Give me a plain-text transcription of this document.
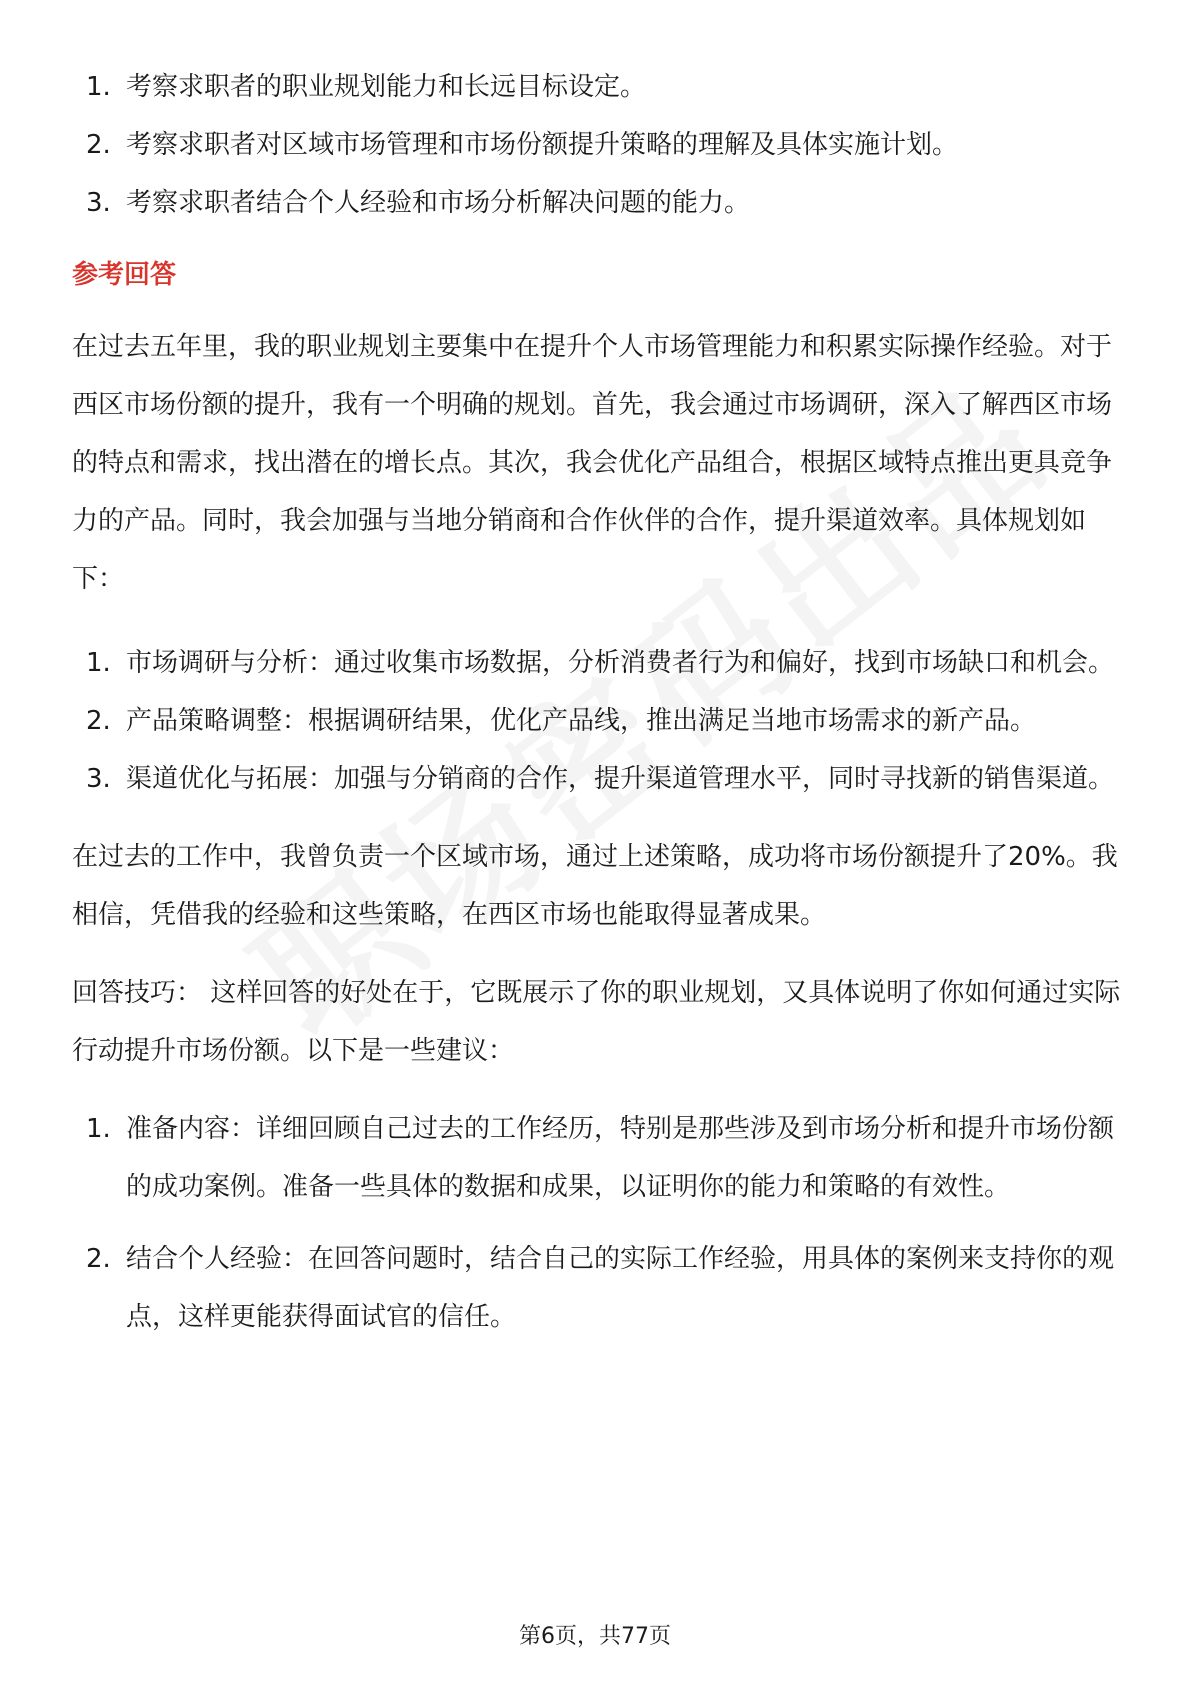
1. 考察求职者的职业规划能力和长远目标设定。
2. 考察求职者对区域市场管理和市场份额提升策略的理解及具体实施计划。
3. 考察求职者结合个人经验和市场分析解决问题的能力。
参考回答

在过去五年里，我的职业规划主要集中在提升个人市场管理能力和积累实际操作经验。对于西区市场份额的提升，我有一个明确的规划。首先，我会通过市场调研，深入了解西区市场的特点和需求，找出潜在的增长点。其次，我会优化产品组合，根据区域特点推出更具竞争力的产品。同时，我会加强与当地分销商和合作伙伴的合作，提升渠道效率。具体规划如下：

1. 市场调研与分析：通过收集市场数据，分析消费者行为和偏好，找到市场缺口和机会。
2. 产品策略调整：根据调研结果，优化产品线，推出满足当地市场需求的新产品。
3. 渠道优化与拓展：加强与分销商的合作，提升渠道管理水平，同时寻找新的销售渠道。

在过去的工作中，我曾负责一个区域市场，通过上述策略，成功将市场份额提升了20%。我相信，凭借我的经验和这些策略，在西区市场也能取得显著成果。

回答技巧： 这样回答的好处在于，它既展示了你的职业规划，又具体说明了你如何通过实际行动提升市场份额。以下是一些建议：

1. 准备内容：详细回顾自己过去的工作经历，特别是那些涉及到市场分析和提升市场份额的成功案例。准备一些具体的数据和成果，以证明你的能力和策略的有效性。
2. 结合个人经验：在回答问题时，结合自己的实际工作经验，用具体的案例来支持你的观点，这样更能获得面试官的信任。
第6页，共77页
